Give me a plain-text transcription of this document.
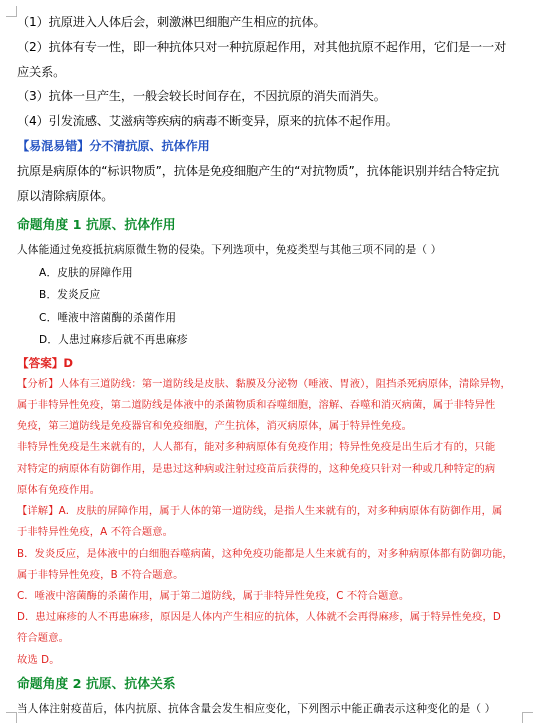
（1）抗原进入人体后会，刺激淋巴细胞产生相应的抗体。

（2）抗体有专一性，即一种抗体只对一种抗原起作用，对其他抗原不起作用，它们是一一对

应关系。

（3）抗体一旦产生，一般会较长时间存在，不因抗原的消失而消失。

（4）引发流感、艾滋病等疾病的病毒不断变异，原来的抗体不起作用。

【易混易错】分不清抗原、抗体作用

抗原是病原体的“标识物质”，抗体是免疫细胞产生的“对抗物质”，抗体能识别并结合特定抗

原以清除病原体。

命题角度 1 抗原、抗体作用

人体能通过免疫抵抗病原微生物的侵染。下列选项中，免疫类型与其他三项不同的是（ ）

A．皮肤的屏障作用

B．发炎反应

C．唾液中溶菌酶的杀菌作用

D．人患过麻疹后就不再患麻疹

【答案】D

【分析】人体有三道防线：第一道防线是皮肤、黏膜及分泌物（唾液、胃液），阻挡杀死病原体，清除异物，

属于非特异性免疫，第二道防线是体液中的杀菌物质和吞噬细胞，溶解、吞噬和消灭病菌，属于非特异性

免疫，第三道防线是免疫器官和免疫细胞，产生抗体，消灭病原体，属于特异性免疫。

非特异性免疫是生来就有的，人人都有，能对多种病原体有免疫作用；特异性免疫是出生后才有的，只能

对特定的病原体有防御作用，是患过这种病或注射过疫苗后获得的，这种免疫只针对一种或几种特定的病

原体有免疫作用。

【详解】A．皮肤的屏障作用，属于人体的第一道防线，是指人生来就有的，对多种病原体有防御作用，属

于非特异性免疫，A 不符合题意。

B．发炎反应，是体液中的白细胞吞噬病菌，这种免疫功能都是人生来就有的，对多种病原体都有防御功能，

属于非特异性免疫，B 不符合题意。

C．唾液中溶菌酶的杀菌作用，属于第二道防线，属于非特异性免疫，C 不符合题意。

D．患过麻疹的人不再患麻疹，原因是人体内产生相应的抗体，人体就不会再得麻疹，属于特异性免疫，D

符合题意。

故选 D。

命题角度 2 抗原、抗体关系

当人体注射疫苗后，体内抗原、抗体含量会发生相应变化，下列图示中能正确表示这种变化的是（ ）
